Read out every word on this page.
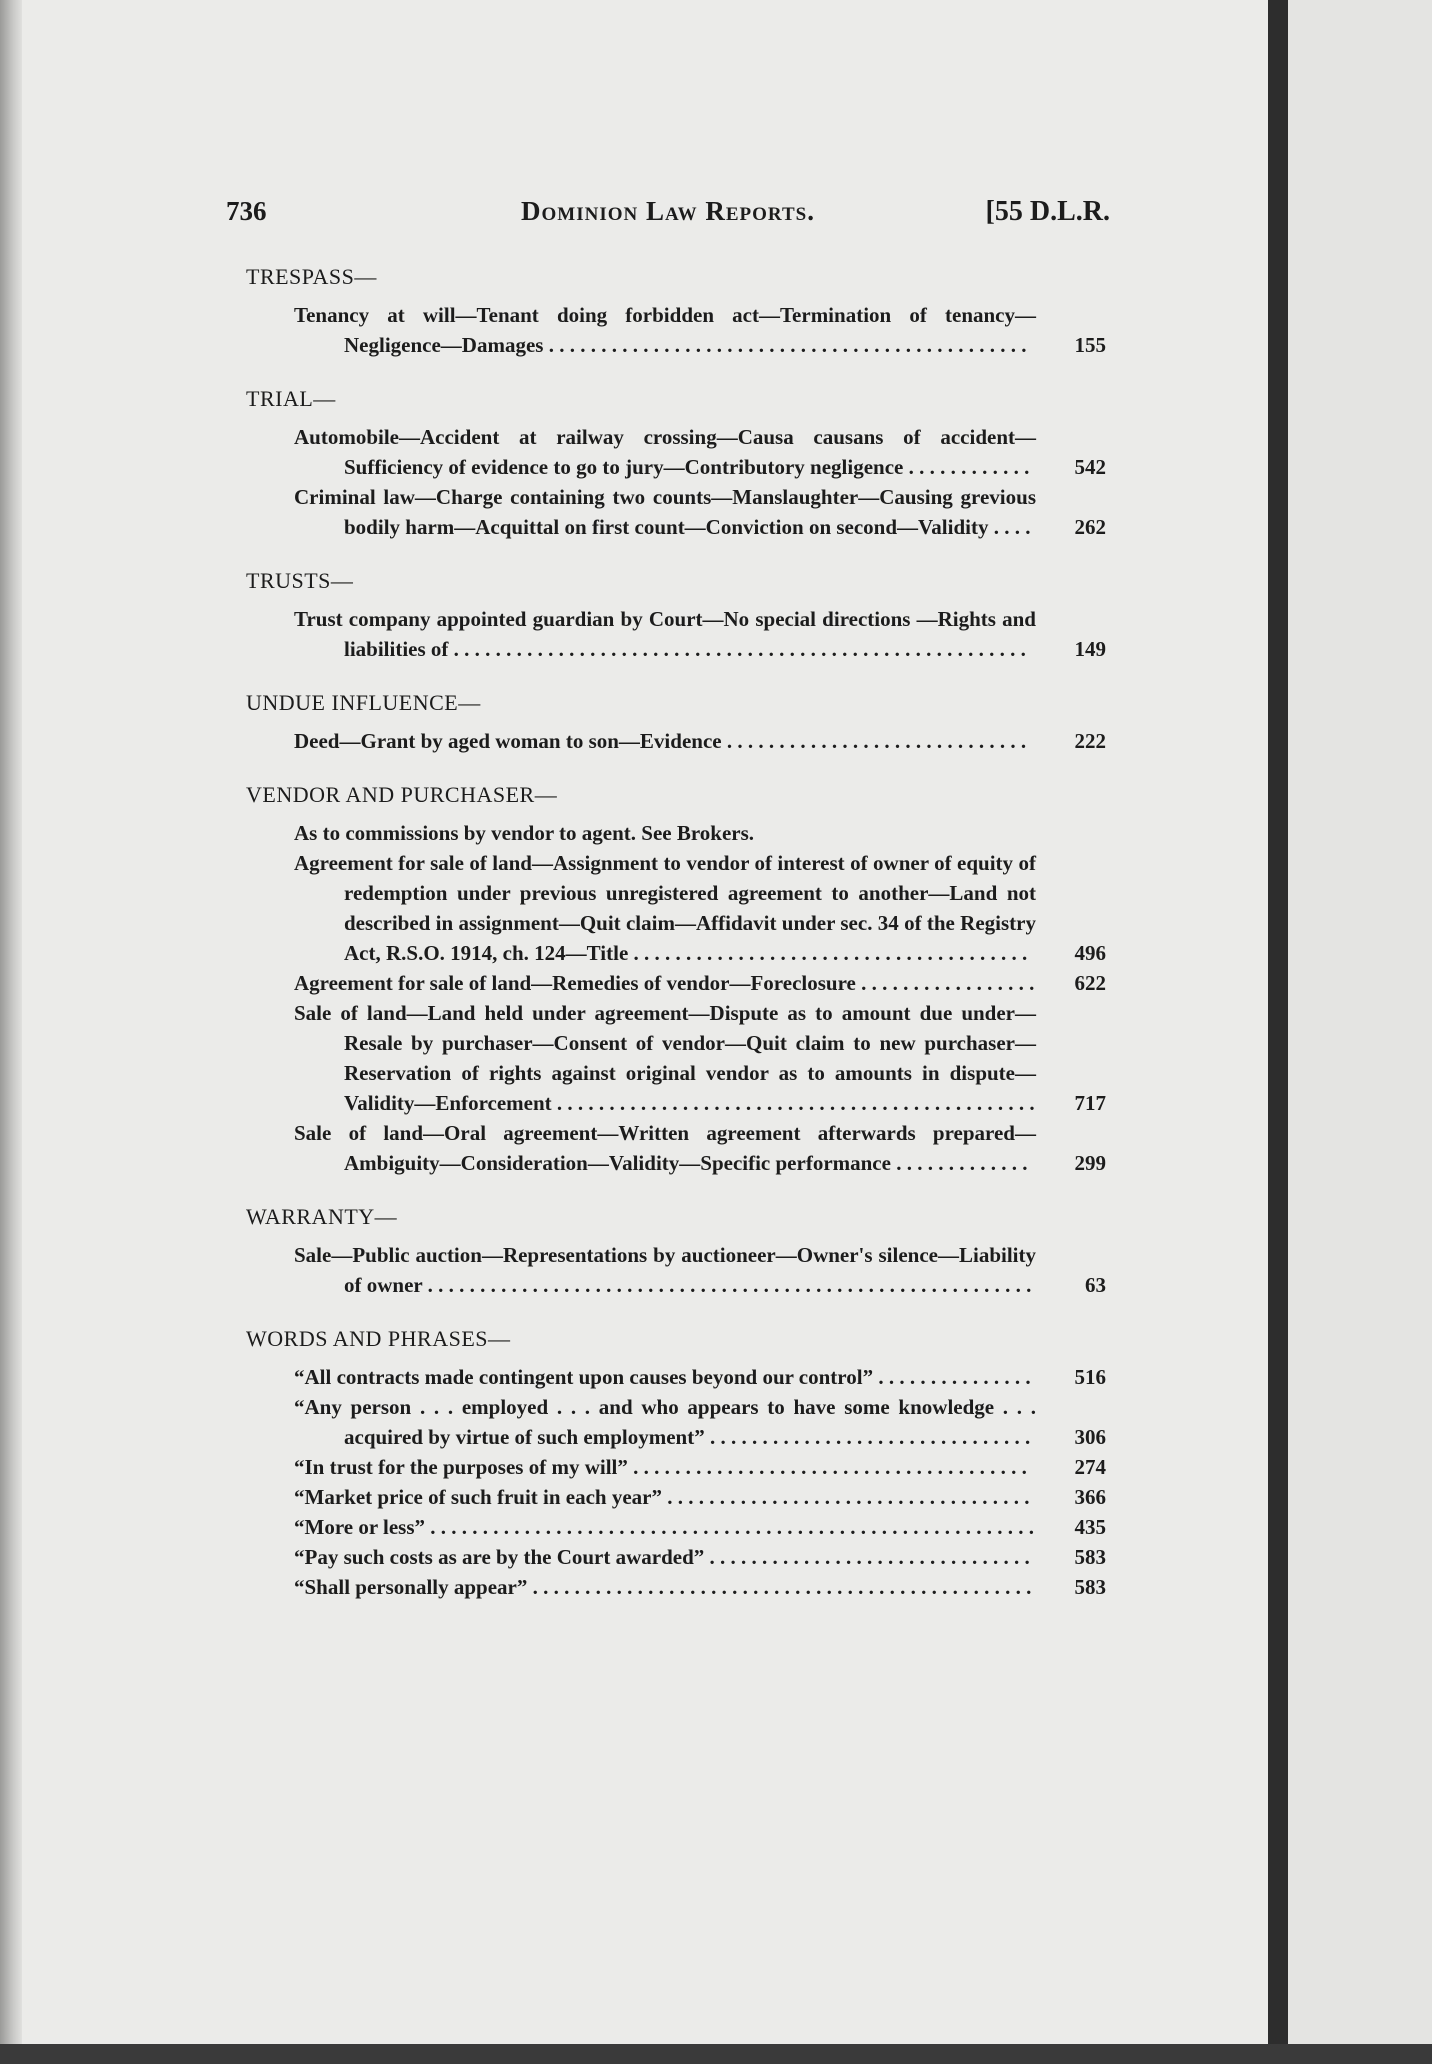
736	Dominion Law Reports.	[55 D.L.R.
TRESPASS—
Tenancy at will—Tenant doing forbidden act—Termination of tenancy—Negligence—Damages . . . . . . . . . . . . . . . . . . . . . . . . . . . . . . . . . . . . . . . . . . . . . .	155
TRIAL—
Automobile—Accident at railway crossing—Causa causans of accident—Sufficiency of evidence to go to jury—Contributory negligence . . . . . . . . . . . .	542
Criminal law—Charge containing two counts—Manslaughter—Causing grevious bodily harm—Acquittal on first count—Conviction on second—Validity . . . .	262
TRUSTS—
Trust company appointed guardian by Court—No special directions —Rights and liabilities of . . . . . . . . . . . . . . . . . . . . . . . . . . . . . . . . . . . . . . . . . . . . . . . . . . . . . . .	149
UNDUE INFLUENCE—
Deed—Grant by aged woman to son—Evidence . . . . . . . . . . . . . . . . . . . . . . . . . . . . .	222
VENDOR AND PURCHASER—
As to commissions by vendor to agent. See Brokers.
Agreement for sale of land—Assignment to vendor of interest of owner of equity of redemption under previous unregistered agreement to another—Land not described in assignment—Quit claim—Affidavit under sec. 34 of the Registry Act, R.S.O. 1914, ch. 124—Title . . . . . . . . . . . . . . . . . . . . . . . . . . . . . . . . . . . . . .	496
Agreement for sale of land—Remedies of vendor—Foreclosure . . . . . . . . . . . . . . . . .	622
Sale of land—Land held under agreement—Dispute as to amount due under—Resale by purchaser—Consent of vendor—Quit claim to new purchaser—Reservation of rights against original vendor as to amounts in dispute—Validity—Enforcement . . . . . . . . . . . . . . . . . . . . . . . . . . . . . . . . . . . . . . . . . . . . . .	717
Sale of land—Oral agreement—Written agreement afterwards prepared—Ambiguity—Consideration—Validity—Specific performance . . . . . . . . . . . . .	299
WARRANTY—
Sale—Public auction—Representations by auctioneer—Owner's silence—Liability of owner . . . . . . . . . . . . . . . . . . . . . . . . . . . . . . . . . . . . . . . . . . . . . . . . . . . . . . . . . .	63
WORDS AND PHRASES—
“All contracts made contingent upon causes beyond our control” . . . . . . . . . . . . . . .	516
“Any person . . . employed . . . and who appears to have some knowledge . . . acquired by virtue of such employment” . . . . . . . . . . . . . . . . . . . . . . . . . . . . . . .	306
“In trust for the purposes of my will” . . . . . . . . . . . . . . . . . . . . . . . . . . . . . . . . . . . . . .	274
“Market price of such fruit in each year” . . . . . . . . . . . . . . . . . . . . . . . . . . . . . . . . . . .	366
“More or less” . . . . . . . . . . . . . . . . . . . . . . . . . . . . . . . . . . . . . . . . . . . . . . . . . . . . . . . . . .	435
“Pay such costs as are by the Court awarded” . . . . . . . . . . . . . . . . . . . . . . . . . . . . . . .	583
“Shall personally appear” . . . . . . . . . . . . . . . . . . . . . . . . . . . . . . . . . . . . . . . . . . . . . . . .	583
